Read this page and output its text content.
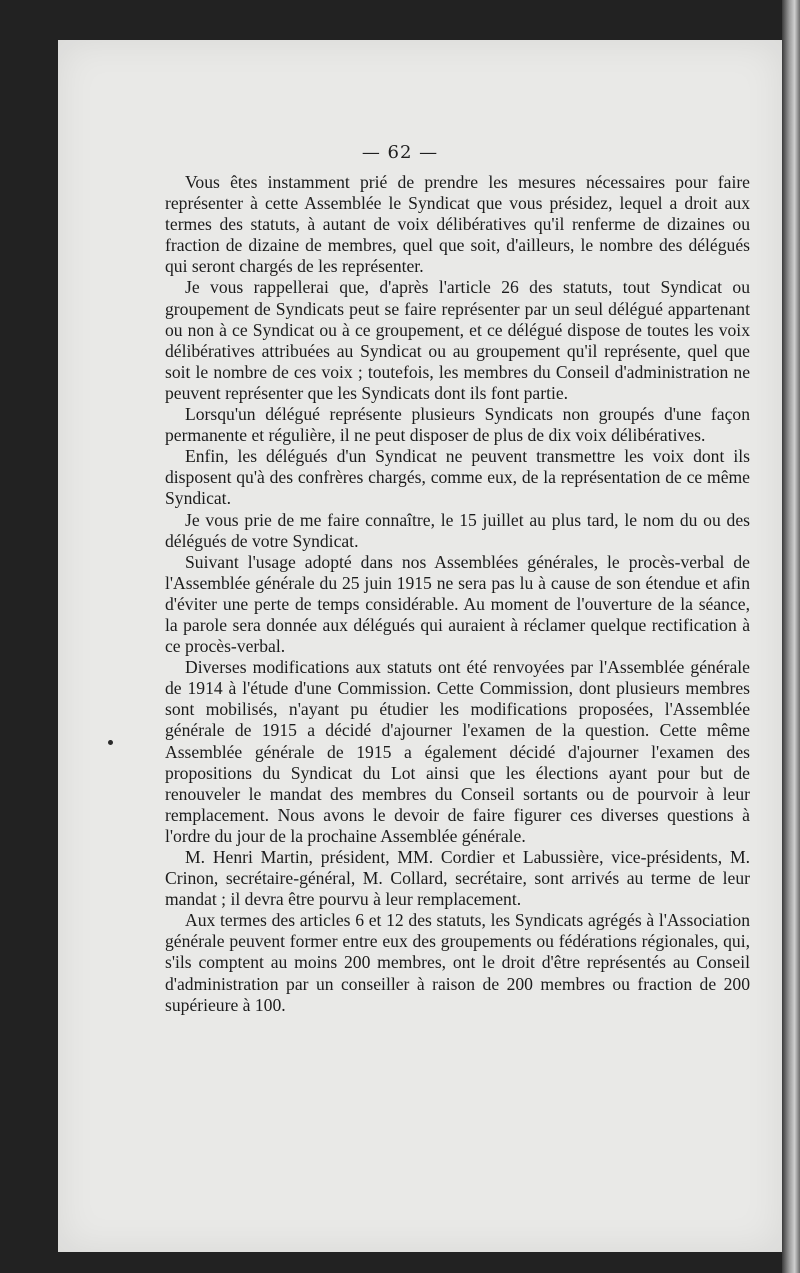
— 62 —

Vous êtes instamment prié de prendre les mesures nécessaires pour faire représenter à cette Assemblée le Syndicat que vous présidez, lequel a droit aux termes des statuts, à autant de voix délibératives qu'il renferme de dizaines ou fraction de dizaine de membres, quel que soit, d'ailleurs, le nombre des délégués qui seront chargés de les représenter.

Je vous rappellerai que, d'après l'article 26 des statuts, tout Syndicat ou groupement de Syndicats peut se faire représenter par un seul délégué appartenant ou non à ce Syndicat ou à ce groupement, et ce délégué dispose de toutes les voix délibératives attribuées au Syndicat ou au groupement qu'il représente, quel que soit le nombre de ces voix ; toutefois, les membres du Conseil d'administration ne peuvent représenter que les Syndicats dont ils font partie.

Lorsqu'un délégué représente plusieurs Syndicats non groupés d'une façon permanente et régulière, il ne peut disposer de plus de dix voix délibératives.

Enfin, les délégués d'un Syndicat ne peuvent transmettre les voix dont ils disposent qu'à des confrères chargés, comme eux, de la représentation de ce même Syndicat.

Je vous prie de me faire connaître, le 15 juillet au plus tard, le nom du ou des délégués de votre Syndicat.

Suivant l'usage adopté dans nos Assemblées générales, le procès-verbal de l'Assemblée générale du 25 juin 1915 ne sera pas lu à cause de son étendue et afin d'éviter une perte de temps considérable. Au moment de l'ouverture de la séance, la parole sera donnée aux délégués qui auraient à réclamer quelque rectification à ce procès-verbal.

Diverses modifications aux statuts ont été renvoyées par l'Assemblée générale de 1914 à l'étude d'une Commission. Cette Commission, dont plusieurs membres sont mobilisés, n'ayant pu étudier les modifications proposées, l'Assemblée générale de 1915 a décidé d'ajourner l'examen de la question. Cette même Assemblée générale de 1915 a également décidé d'ajourner l'examen des propositions du Syndicat du Lot ainsi que les élections ayant pour but de renouveler le mandat des membres du Conseil sortants ou de pourvoir à leur remplacement. Nous avons le devoir de faire figurer ces diverses questions à l'ordre du jour de la prochaine Assemblée générale.

M. Henri Martin, président, MM. Cordier et Labussière, vice-présidents, M. Crinon, secrétaire-général, M. Collard, secrétaire, sont arrivés au terme de leur mandat ; il devra être pourvu à leur remplacement.

Aux termes des articles 6 et 12 des statuts, les Syndicats agrégés à l'Association générale peuvent former entre eux des groupements ou fédérations régionales, qui, s'ils comptent au moins 200 membres, ont le droit d'être représentés au Conseil d'administration par un conseiller à raison de 200 membres ou fraction de 200 supérieure à 100.
